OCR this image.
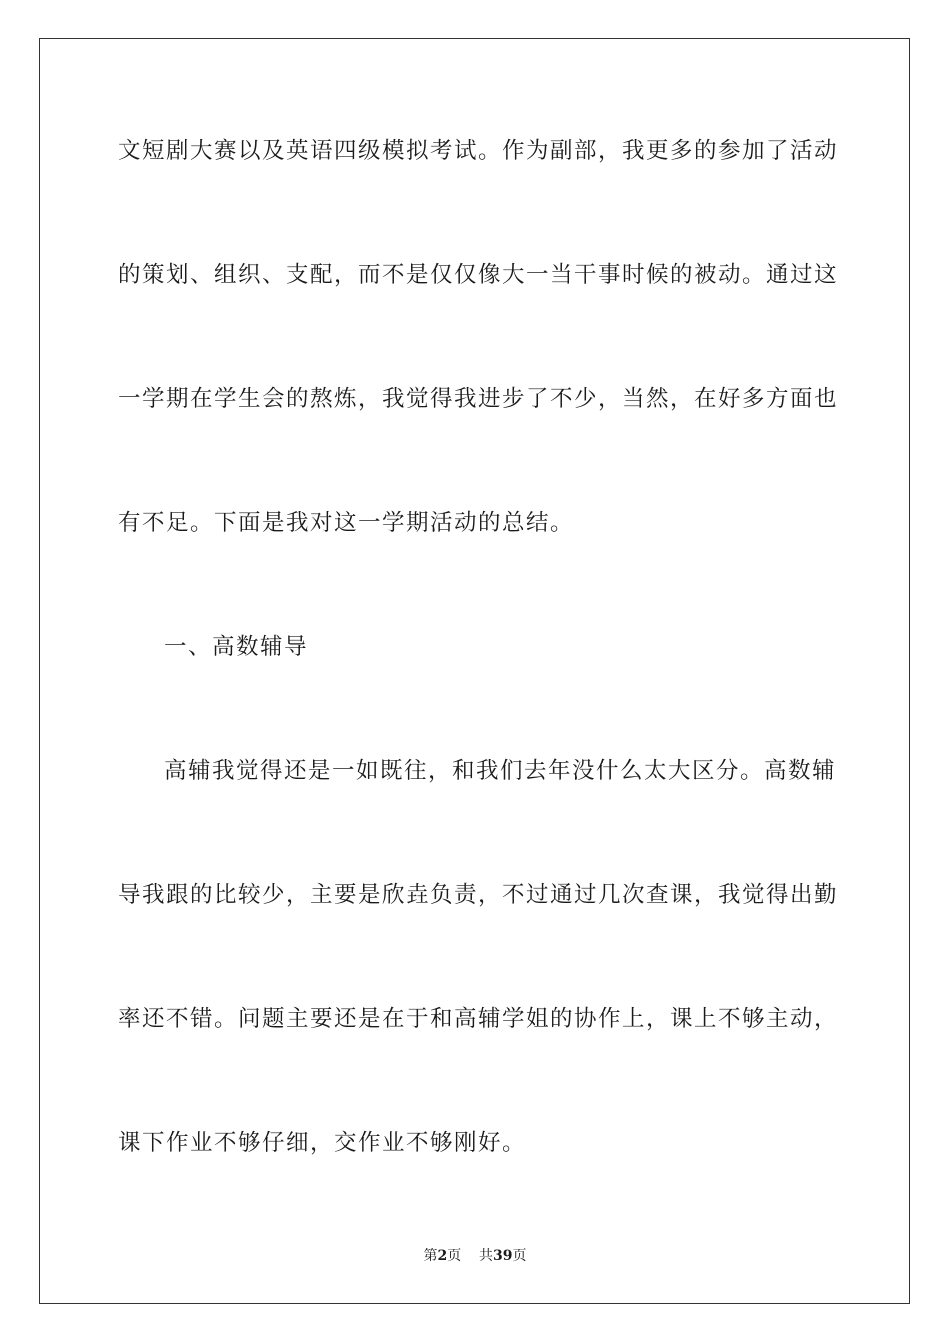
文短剧大赛以及英语四级模拟考试。作为副部，我更多的参加了活动
的策划、组织、支配，而不是仅仅像大一当干事时候的被动。通过这
一学期在学生会的熬炼，我觉得我进步了不少，当然，在好多方面也
有不足。下面是我对这一学期活动的总结。
一、高数辅导
高辅我觉得还是一如既往，和我们去年没什么太大区分。高数辅
导我跟的比较少，主要是欣垚负责，不过通过几次查课，我觉得出勤
率还不错。问题主要还是在于和高辅学姐的协作上，课上不够主动，
课下作业不够仔细，交作业不够刚好。
第2页 共39页
